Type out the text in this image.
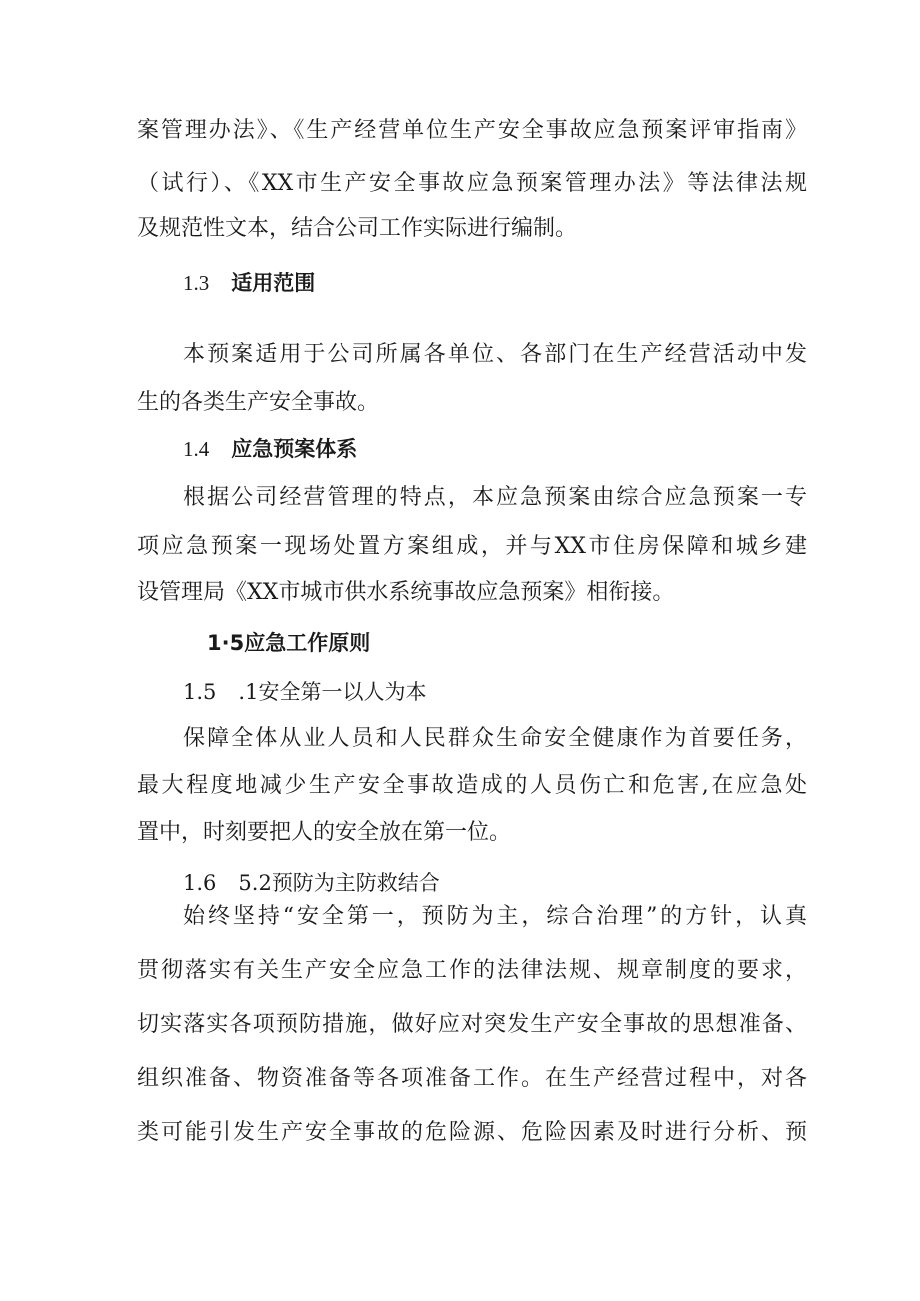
案管理办法》、《生产经营单位生产安全事故应急预案评审指南》
（试行）、《XX市生产安全事故应急预案管理办法》等法律法规
及规范性文本，结合公司工作实际进行编制。
1.3 适用范围
本预案适用于公司所属各单位、各部门在生产经营活动中发
生的各类生产安全事故。
1.4 应急预案体系
根据公司经营管理的特点，本应急预案由综合应急预案一专
项应急预案一现场处置方案组成，并与XX市住房保障和城乡建
设管理局《XX市城市供水系统事故应急预案》相衔接。
1·5应急工作原则
1.5 .1安全第一以人为本
保障全体从业人员和人民群众生命安全健康作为首要任务，
最大程度地减少生产安全事故造成的人员伤亡和危害,在应急处
置中，时刻要把人的安全放在第一位。
1.6 5.2预防为主防救结合
始终坚持“安全第一，预防为主，综合治理”的方针，认真
贯彻落实有关生产安全应急工作的法律法规、规章制度的要求，
切实落实各项预防措施，做好应对突发生产安全事故的思想准备、
组织准备、物资准备等各项准备工作。在生产经营过程中，对各
类可能引发生产安全事故的危险源、危险因素及时进行分析、预
